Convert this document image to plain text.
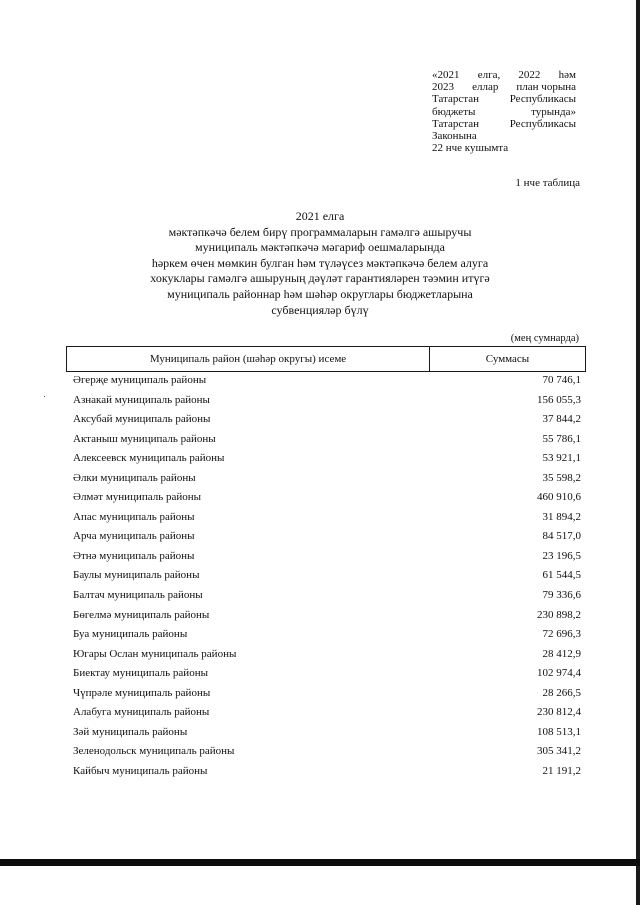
«2021 елга, 2022 һәм
2023 еллар план чорына
Татарстан	Республикасы
бюджеты	турында»
Татарстан	Республикасы
Законына
22 нче кушымта
1 нче таблица
2021 елга
мәктәпкәчә белем бирү программаларын гамәлгә ашыручы
муниципаль мәктәпкәчә мәгариф оешмаларында
һәркем өчен мөмкин булган һәм түләүсез мәктәпкәчә белем алуга
хокуклары гамәлгә ашыруның дәүләт гарантияләрен тәэмин итүгә
муниципаль районнар һәм шәһәр округлары бюджетларына
субвенцияләр бүлү
(мең сумнарда)
Муниципаль район (шәһәр округы) исеме	Суммасы
Әгерҗе муниципаль районы	70 746,1
Азнакай муниципаль районы	156 055,3
Аксубай муниципаль районы	37 844,2
Актаныш муниципаль районы	55 786,1
Алексеевск муниципаль районы	53 921,1
Әлки муниципаль районы	35 598,2
Әлмәт муниципаль районы	460 910,6
Апас муниципаль районы	31 894,2
Арча муниципаль районы	84 517,0
Әтнә муниципаль районы	23 196,5
Баулы муниципаль районы	61 544,5
Балтач муниципаль районы	79 336,6
Бөгелмә муниципаль районы	230 898,2
Буа муниципаль районы	72 696,3
Югары Ослан муниципаль районы	28 412,9
Биектау муниципаль районы	102 974,4
Чүпрәле муниципаль районы	28 266,5
Алабуга муниципаль районы	230 812,4
Зәй муниципаль районы	108 513,1
Зеленодольск муниципаль районы	305 341,2
Кайбыч муниципаль районы	21 191,2
